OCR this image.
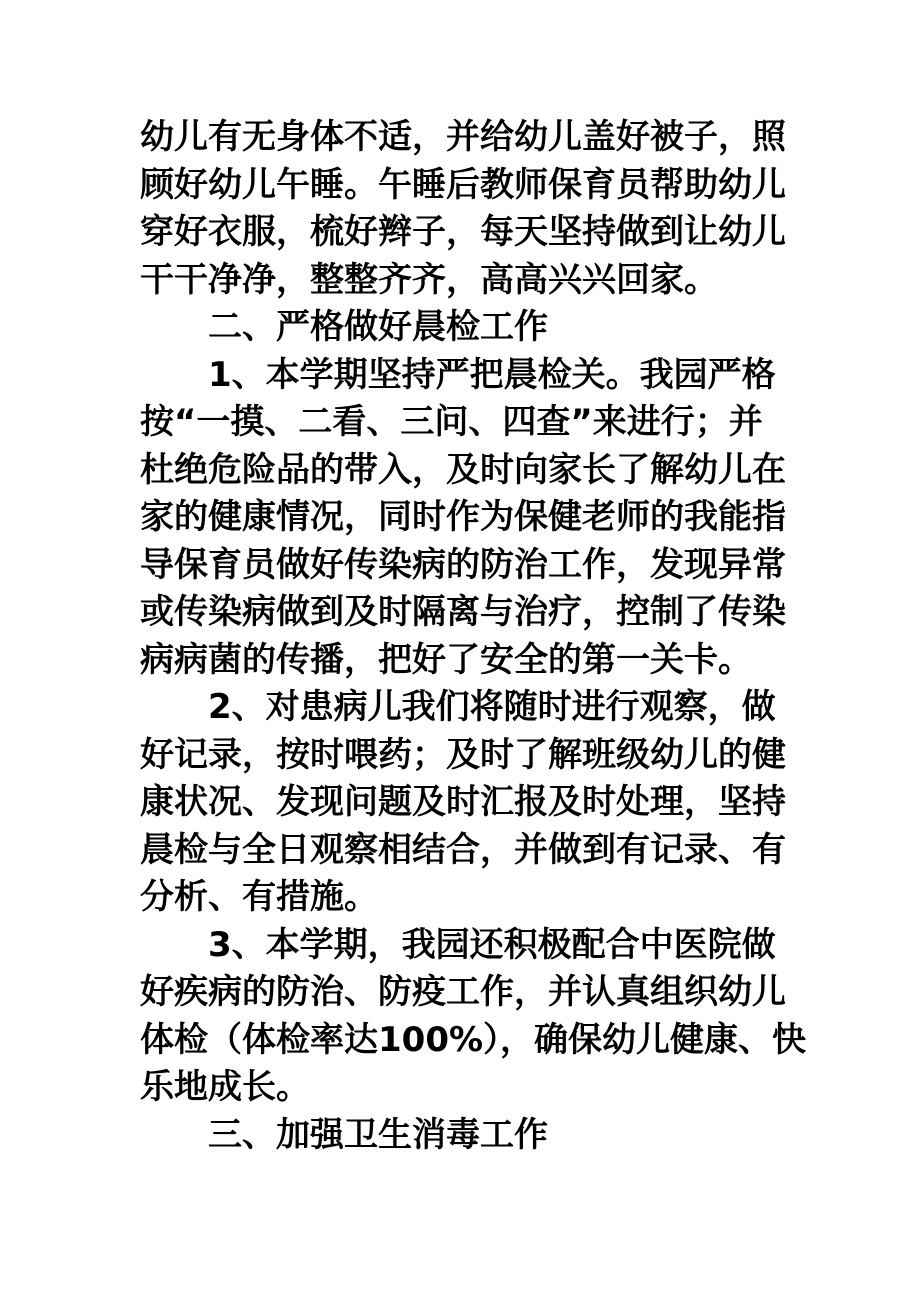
幼儿有无身体不适，并给幼儿盖好被子，照
顾好幼儿午睡。午睡后教师保育员帮助幼儿
穿好衣服，梳好辫子，每天坚持做到让幼儿
干干净净，整整齐齐，高高兴兴回家。

二、严格做好晨检工作

1、本学期坚持严把晨检关。我园严格
按“一摸、二看、三问、四查”来进行；并
杜绝危险品的带入，及时向家长了解幼儿在
家的健康情况，同时作为保健老师的我能指
导保育员做好传染病的防治工作，发现异常
或传染病做到及时隔离与治疗，控制了传染
病病菌的传播，把好了安全的第一关卡。

2、对患病儿我们将随时进行观察，做
好记录，按时喂药；及时了解班级幼儿的健
康状况、发现问题及时汇报及时处理，坚持
晨检与全日观察相结合，并做到有记录、有
分析、有措施。

3、本学期，我园还积极配合中医院做
好疾病的防治、防疫工作，并认真组织幼儿
体检（体检率达100%），确保幼儿健康、快
乐地成长。

三、加强卫生消毒工作
